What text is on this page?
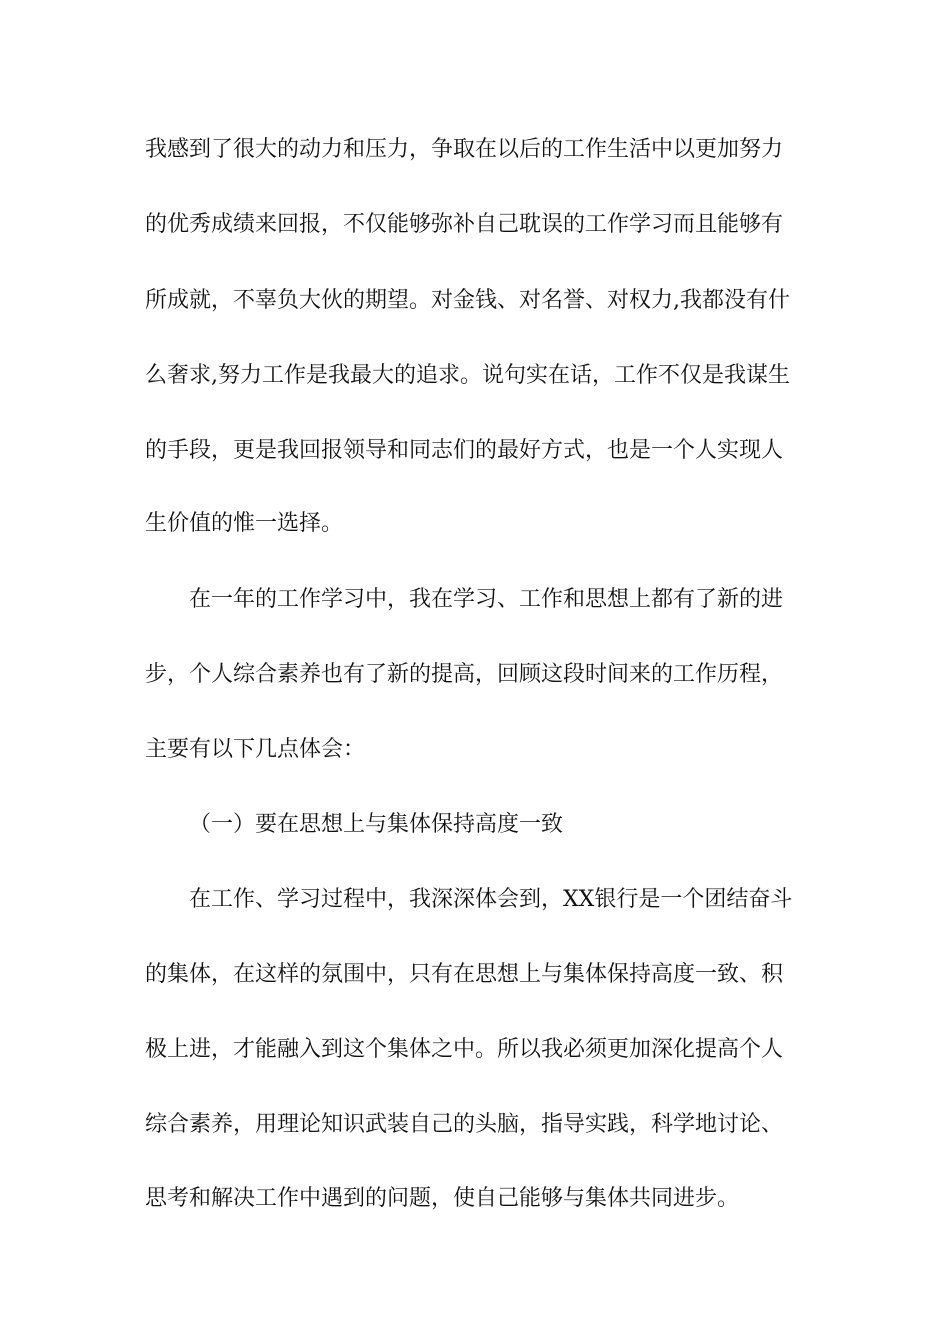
我感到了很大的动力和压力，争取在以后的工作生活中以更加努力
的优秀成绩来回报，不仅能够弥补自己耽误的工作学习而且能够有
所成就，不辜负大伙的期望。对金钱、对名誉、对权力,我都没有什
么奢求,努力工作是我最大的追求。说句实在话，工作不仅是我谋生
的手段，更是我回报领导和同志们的最好方式，也是一个人实现人
生价值的惟一选择。
在一年的工作学习中，我在学习、工作和思想上都有了新的进
步，个人综合素养也有了新的提高，回顾这段时间来的工作历程，
主要有以下几点体会：
（一）要在思想上与集体保持高度一致
在工作、学习过程中，我深深体会到，XX银行是一个团结奋斗
的集体，在这样的氛围中，只有在思想上与集体保持高度一致、积
极上进，才能融入到这个集体之中。所以我必须更加深化提高个人
综合素养，用理论知识武装自己的头脑，指导实践，科学地讨论、
思考和解决工作中遇到的问题，使自己能够与集体共同进步。
